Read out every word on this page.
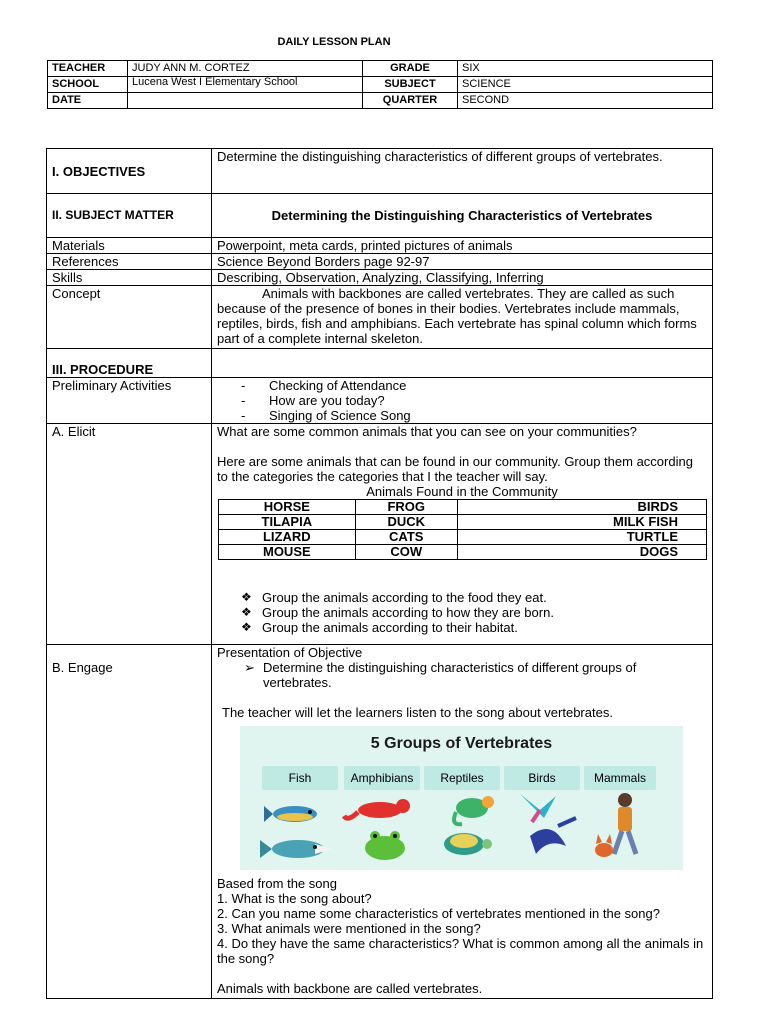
DAILY LESSON PLAN
TEACHER	JUDY ANN M. CORTEZ	GRADE	SIX
SCHOOL	Lucena West I Elementary School	SUBJECT	SCIENCE
DATE		QUARTER	SECOND
I. OBJECTIVES	Determine the distinguishing characteristics of different groups of vertebrates.
II. SUBJECT MATTER	Determining the Distinguishing Characteristics of Vertebrates
Materials	Powerpoint, meta cards, printed pictures of animals
References	Science Beyond Borders page 92-97
Skills	Describing, Observation, Analyzing, Classifying, Inferring
Concept	Animals with backbones are called vertebrates. They are called as such because of the presence of bones in their bodies. Vertebrates include mammals, reptiles, birds, fish and amphibians. Each vertebrate has spinal column which forms part of a complete internal skeleton.
III. PROCEDURE	
Preliminary Activities	
-Checking of Attendance
- How are you today?
- Singing of Science Song

A. Elicit	What are some common animals that you can see on your communities?
Here are some animals that can be found in our community. Group them according to the categories the categories that I the teacher will say.
Animals Found in the Community
HORSE	FROG	BIRDS
TILAPIA	DUCK	MILK FISH
LIZARD	CATS	TURTLE
MOUSE	COW	DOGS
❖ Group the animals according to the food they eat.
❖ Group the animals according to how they are born.
❖ Group the animals according to their habitat.

B. Engage	
Presentation of Objective
➢ Determine the distinguishing characteristics of different groups of vertebrates.
The teacher will let the learners listen to the song about vertebrates.
5 Groups of Vertebrates
Fish	Amphibians	Reptiles	Birds	Mammals
Based from the song
1. What is the song about?
2. Can you name some characteristics of vertebrates mentioned in the song?
3. What animals were mentioned in the song?
4. Do they have the same characteristics? What is common among all the animals in the song?
Animals with backbone are called vertebrates.
